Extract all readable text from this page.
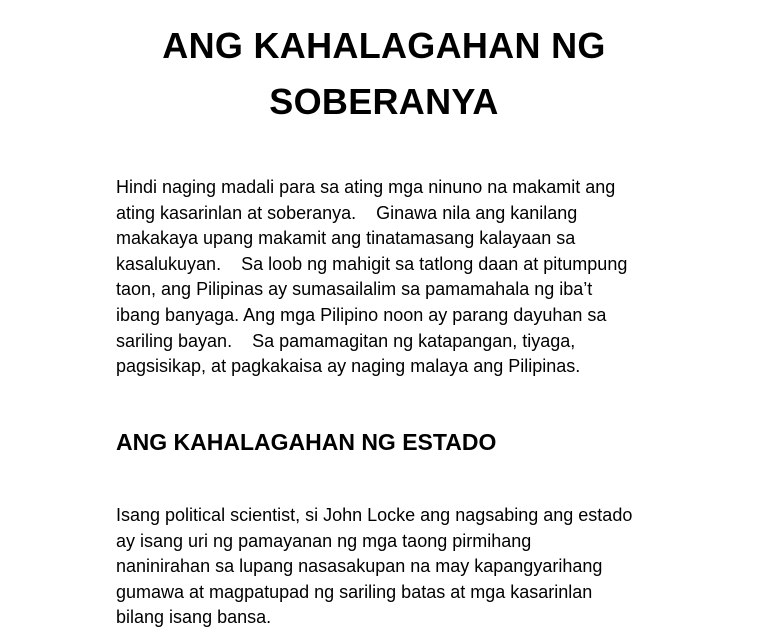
ANG KAHALAGAHAN NG
SOBERANYA

Hindi naging madali para sa ating mga ninuno na makamit ang
ating kasarinlan at soberanya.    Ginawa nila ang kanilang
makakaya upang makamit ang tinatamasang kalayaan sa
kasalukuyan.    Sa loob ng mahigit sa tatlong daan at pitumpung
taon, ang Pilipinas ay sumasailalim sa pamamahala ng iba’t
ibang banyaga. Ang mga Pilipino noon ay parang dayuhan sa
sariling bayan.    Sa pamamagitan ng katapangan, tiyaga,
pagsisikap, at pagkakaisa ay naging malaya ang Pilipinas.

ANG KAHALAGAHAN NG ESTADO

Isang political scientist, si John Locke ang nagsabing ang estado
ay isang uri ng pamayanan ng mga taong pirmihang
naninirahan sa lupang nasasakupan na may kapangyarihang
gumawa at magpatupad ng sariling batas at mga kasarinlan
bilang isang bansa.
